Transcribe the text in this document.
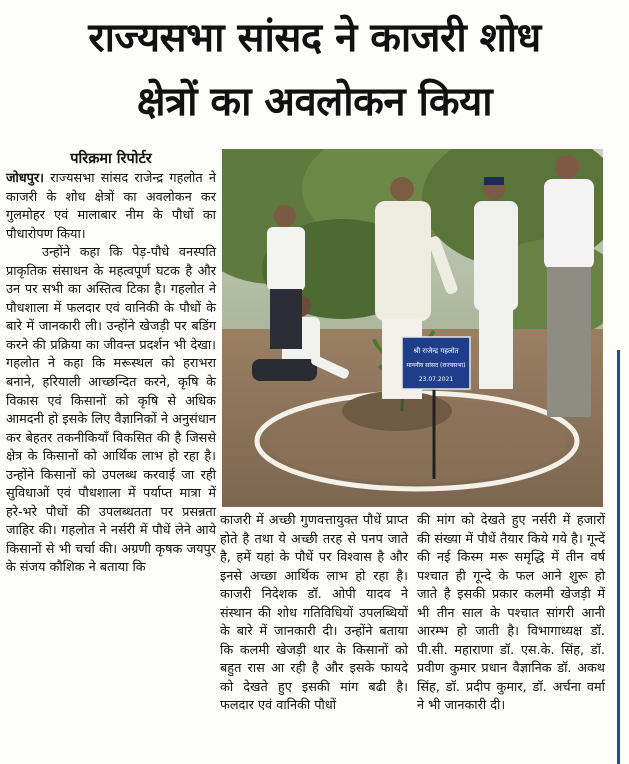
राज्यसभा सांसद ने काजरी शोध
क्षेत्रों का अवलोकन किया
परिक्रमा रिपोर्टर

जोधपुर। राज्यसभा सांसद राजेन्द्र गहलोत ने काजरी के शोध क्षेत्रों का अवलोकन कर गुलमोहर एवं मालाबार नीम के पौधों का पौधारोपण किया।

उन्होंने कहा कि पेड़-पौधे वनस्पति प्राकृतिक संसाधन के महत्वपूर्ण घटक है और उन पर सभी का अस्तित्व टिका है। गहलोत ने पौधशाला में फलदार एवं वानिकी के पौधों के बारे में जानकारी ली। उन्होंने खेजड़ी पर बडिंग करने की प्रक्रिया का जीवन्त प्रदर्शन भी देखा। गहलोत ने कहा कि मरूस्थल को हराभरा बनाने, हरियाली आच्छन्दित करने, कृषि के विकास एवं किसानों को कृषि से अधिक आमदनी हो इसके लिए वैज्ञानिकों ने अनुसंधान कर बेहतर तकनीकियाँ विकसित की है जिससे क्षेत्र के किसानों को आर्थिक लाभ हो रहा है। उन्होंने किसानों को उपलब्ध करवाई जा रही सुविधाओं एवं पौधशाला में पर्याप्त मात्रा में हरे-भरे पौधों की उपलब्धतता पर प्रसन्नता जाहिर की। गहलोत ने नर्सरी में पौधें लेने आये किसानों से भी चर्चा की। अग्रणी कृषक जयपुर के संजय कौशिक ने बताया कि

श्री राजेन्द्र गहलोत
माननीय सांसद (राज्यसभा)
23.07.2021

काजरी में अच्छी गुणवत्तायुक्त पौधें प्राप्त होते है तथा ये अच्छी तरह से पनप जाते है, हमें यहां के पौधें पर विश्वास है और इनसे अच्छा आर्थिक लाभ हो रहा है। काजरी निदेशक डॉ. ओपी यादव ने संस्थान की शोध गतिविधियों उपलब्धियों के बारे में जानकारी दी। उन्होंने बताया कि कलमी खेजड़ी थार के किसानों को बहुत रास आ रही है और इसके फायदे को देखते हुए इसकी मांग बढी है। फलदार एवं वानिकी पौधों

की मांग को देखते हुए नर्सरी में हजारों की संख्या में पौधें तैयार किये गये है। गून्दें की नई किस्म मरू समृद्धि में तीन वर्ष पश्चात ही गून्दे के फल आने शुरू हो जाते है इसकी प्रकार कलमी खेजड़ी में भी तीन साल के पश्चात सांगरी आनी आरम्भ हो जाती है। विभागाध्यक्ष डॉ. पी.सी. महाराणा डॉ. एस.के. सिंह, डॉ. प्रवीण कुमार प्रधान वैज्ञानिक डॉ. अकथ सिंह, डॉ. प्रदीप कुमार, डॉ. अर्चना वर्मा ने भी जानकारी दी।
